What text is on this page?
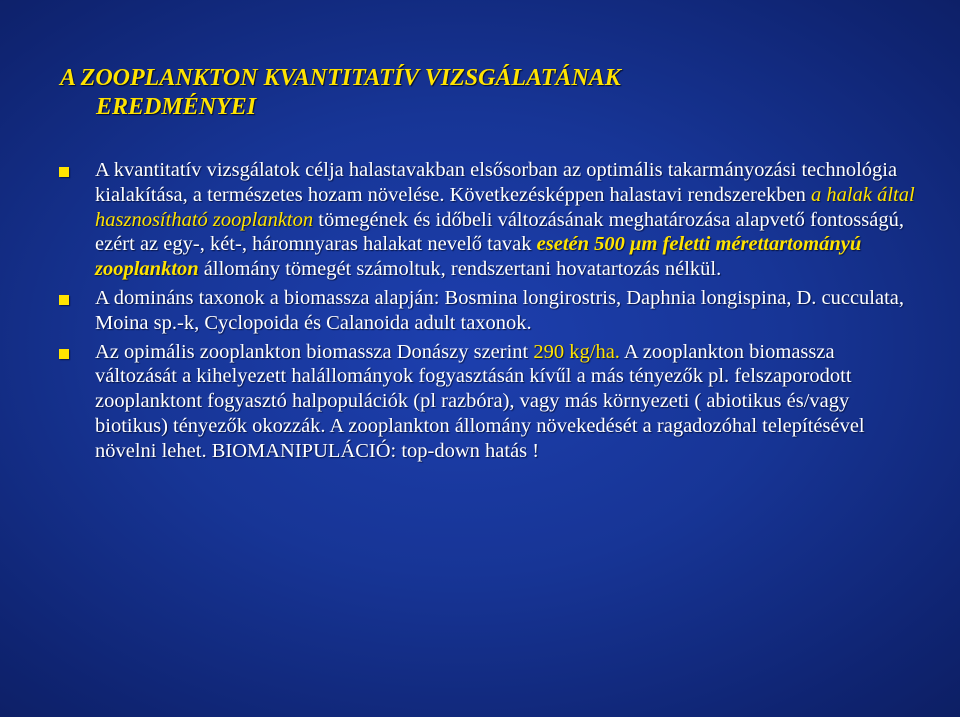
A ZOOPLANKTON KVANTITATÍV VIZSGÁLATÁNAK
EREDMÉNYEI
A kvantitatív vizsgálatok célja halastavakban elsősorban az optimális takarmányozási technológia kialakítása, a természetes hozam növelése. Következésképpen halastavi rendszerekben a halak által hasznosítható zooplankton tömegének és időbeli változásának meghatározása alapvető fontosságú, ezért az egy-, két-, háromnyaras halakat nevelő tavak esetén 500 μm feletti mérettartományú zooplankton állomány tömegét számoltuk, rendszertani hovatartozás nélkül.
A domináns taxonok a biomassza alapján: Bosmina longirostris, Daphnia longispina, D. cucculata, Moina sp.-k, Cyclopoida és Calanoida adult taxonok.
Az opimális zooplankton biomassza Donászy szerint 290 kg/ha. A zooplankton biomassza változását a kihelyezett halállományok fogyasztásán kívűl a más tényezők pl. felszaporodott zooplanktont fogyasztó halpopulációk (pl razbóra), vagy más környezeti ( abiotikus és/vagy biotikus) tényezők okozzák. A zooplankton állomány növekedését a ragadozóhal telepítésével növelni lehet. BIOMANIPULÁCIÓ: top-down hatás !
